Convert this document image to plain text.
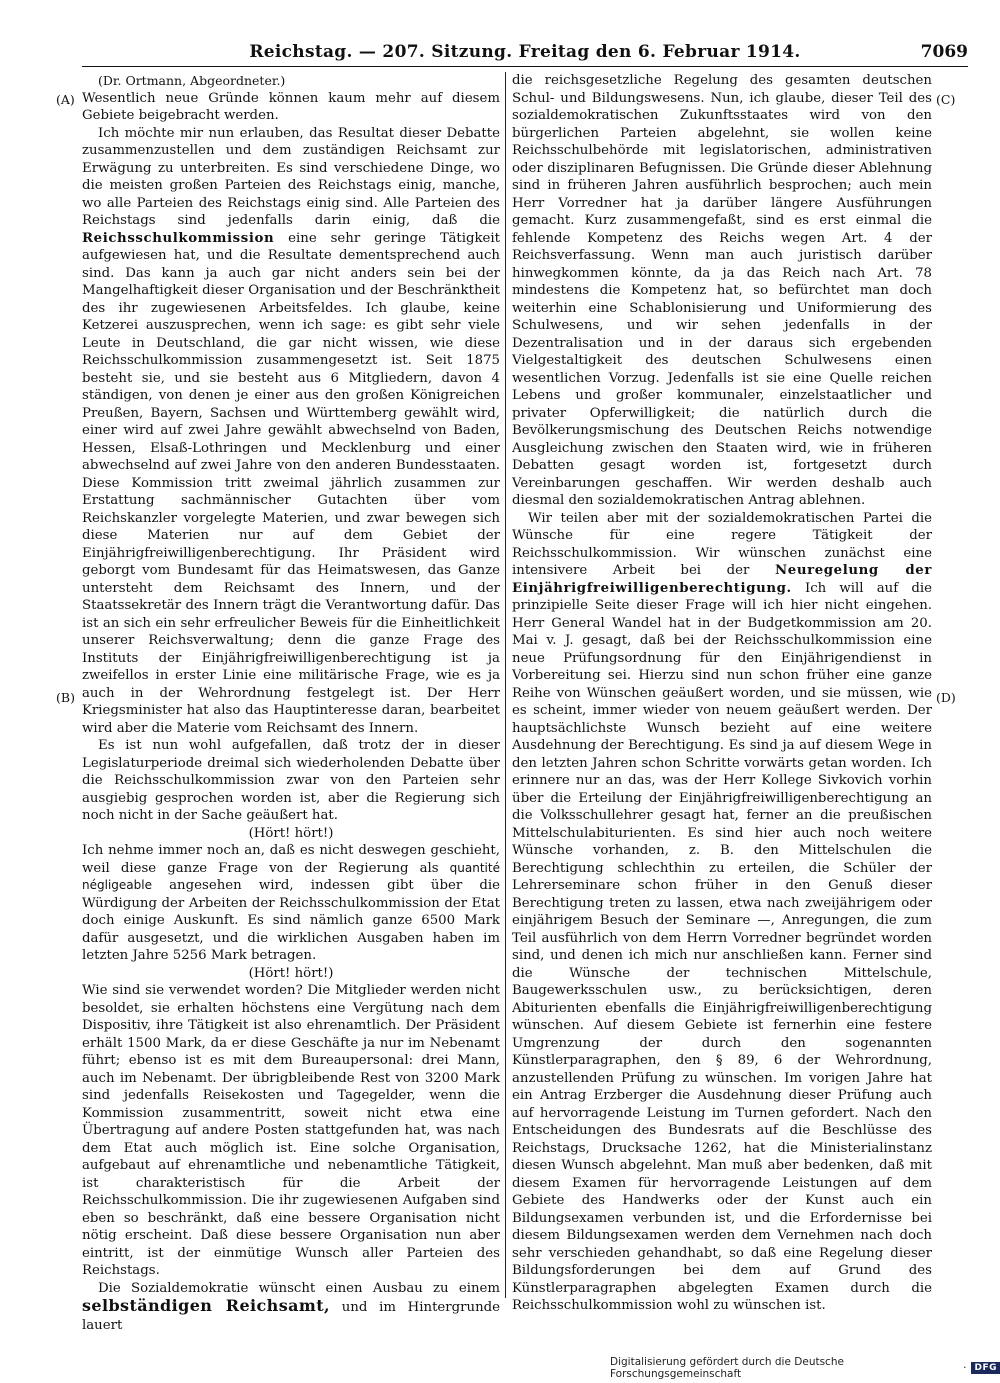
Reichstag. — 207. Sitzung. Freitag den 6. Februar 1914.	7069
(A)
(B)
(C)
(D)

(Dr. Ortmann, Abgeordneter.)

Wesentlich neue Gründe können kaum mehr auf diesem Gebiete beigebracht werden.

Ich möchte mir nun erlauben, das Resultat dieser Debatte zusammenzustellen und dem zuständigen Reichsamt zur Erwägung zu unterbreiten. Es sind verschiedene Dinge, wo die meisten großen Parteien des Reichstags einig, manche, wo alle Parteien des Reichstags einig sind. Alle Parteien des Reichstags sind jedenfalls darin einig, daß die Reichsschulkommission eine sehr geringe Tätigkeit aufgewiesen hat, und die Resultate dementsprechend auch sind. Das kann ja auch gar nicht anders sein bei der Mangelhaftigkeit dieser Organisation und der Beschränktheit des ihr zugewiesenen Arbeitsfeldes. Ich glaube, keine Ketzerei auszusprechen, wenn ich sage: es gibt sehr viele Leute in Deutschland, die gar nicht wissen, wie diese Reichsschulkommission zusammengesetzt ist. Seit 1875 besteht sie, und sie besteht aus 6 Mitgliedern, davon 4 ständigen, von denen je einer aus den großen Königreichen Preußen, Bayern, Sachsen und Württemberg gewählt wird, einer wird auf zwei Jahre gewählt abwechselnd von Baden, Hessen, Elsaß-Lothringen und Mecklenburg und einer abwechselnd auf zwei Jahre von den anderen Bundesstaaten. Diese Kommission tritt zweimal jährlich zusammen zur Erstattung sachmännischer Gutachten über vom Reichskanzler vorgelegte Materien, und zwar bewegen sich diese Materien nur auf dem Gebiet der Einjährigfreiwilligenberechtigung. Ihr Präsident wird geborgt vom Bundesamt für das Heimatswesen, das Ganze untersteht dem Reichsamt des Innern, und der Staatssekretär des Innern trägt die Verantwortung dafür. Das ist an sich ein sehr erfreulicher Beweis für die Einheitlichkeit unserer Reichsverwaltung; denn die ganze Frage des Instituts der Einjährigfreiwilligenberechtigung ist ja zweifellos in erster Linie eine militärische Frage, wie es ja auch in der Wehrordnung festgelegt ist. Der Herr Kriegsminister hat also das Hauptinteresse daran, bearbeitet wird aber die Materie vom Reichsamt des Innern.

Es ist nun wohl aufgefallen, daß trotz der in dieser Legislaturperiode dreimal sich wiederholenden Debatte über die Reichsschulkommission zwar von den Parteien sehr ausgiebig gesprochen worden ist, aber die Regierung sich noch nicht in der Sache geäußert hat.

(Hört! hört!)

Ich nehme immer noch an, daß es nicht deswegen geschieht, weil diese ganze Frage von der Regierung als quantité négligeable angesehen wird, indessen gibt über die Würdigung der Arbeiten der Reichsschulkommission der Etat doch einige Auskunft. Es sind nämlich ganze 6500 Mark dafür ausgesetzt, und die wirklichen Ausgaben haben im letzten Jahre 5256 Mark betragen.

(Hört! hört!)

Wie sind sie verwendet worden? Die Mitglieder werden nicht besoldet, sie erhalten höchstens eine Vergütung nach dem Dispositiv, ihre Tätigkeit ist also ehrenamtlich. Der Präsident erhält 1500 Mark, da er diese Geschäfte ja nur im Nebenamt führt; ebenso ist es mit dem Bureaupersonal: drei Mann, auch im Nebenamt. Der übrigbleibende Rest von 3200 Mark sind jedenfalls Reisekosten und Tagegelder, wenn die Kommission zusammentritt, soweit nicht etwa eine Übertragung auf andere Posten stattgefunden hat, was nach dem Etat auch möglich ist. Eine solche Organisation, aufgebaut auf ehrenamtliche und nebenamtliche Tätigkeit, ist charakteristisch für die Arbeit der Reichsschulkommission. Die ihr zugewiesenen Aufgaben sind eben so beschränkt, daß eine bessere Organisation nicht nötig erscheint. Daß diese bessere Organisation nun aber eintritt, ist der einmütige Wunsch aller Parteien des Reichstags.

Die Sozialdemokratie wünscht einen Ausbau zu einem selbständigen Reichsamt, und im Hintergrunde lauert

die reichsgesetzliche Regelung des gesamten deutschen Schul- und Bildungswesens. Nun, ich glaube, dieser Teil des sozialdemokratischen Zukunftsstaates wird von den bürgerlichen Parteien abgelehnt, sie wollen keine Reichsschulbehörde mit legislatorischen, administrativen oder disziplinaren Befugnissen. Die Gründe dieser Ablehnung sind in früheren Jahren ausführlich besprochen; auch mein Herr Vorredner hat ja darüber längere Ausführungen gemacht. Kurz zusammengefaßt, sind es erst einmal die fehlende Kompetenz des Reichs wegen Art. 4 der Reichsverfassung. Wenn man auch juristisch darüber hinwegkommen könnte, da ja das Reich nach Art. 78 mindestens die Kompetenz hat, so befürchtet man doch weiterhin eine Schablonisierung und Uniformierung des Schulwesens, und wir sehen jedenfalls in der Dezentralisation und in der daraus sich ergebenden Vielgestaltigkeit des deutschen Schulwesens einen wesentlichen Vorzug. Jedenfalls ist sie eine Quelle reichen Lebens und großer kommunaler, einzelstaatlicher und privater Opferwilligkeit; die natürlich durch die Bevölkerungsmischung des Deutschen Reichs notwendige Ausgleichung zwischen den Staaten wird, wie in früheren Debatten gesagt worden ist, fortgesetzt durch Vereinbarungen geschaffen. Wir werden deshalb auch diesmal den sozialdemokratischen Antrag ablehnen.

Wir teilen aber mit der sozialdemokratischen Partei die Wünsche für eine regere Tätigkeit der Reichsschulkommission. Wir wünschen zunächst eine intensivere Arbeit bei der Neuregelung der Einjährigfreiwilligenberechtigung. Ich will auf die prinzipielle Seite dieser Frage will ich hier nicht eingehen. Herr General Wandel hat in der Budgetkommission am 20. Mai v. J. gesagt, daß bei der Reichsschulkommission eine neue Prüfungsordnung für den Einjährigendienst in Vorbereitung sei. Hierzu sind nun schon früher eine ganze Reihe von Wünschen geäußert worden, und sie müssen, wie es scheint, immer wieder von neuem geäußert werden. Der hauptsächlichste Wunsch bezieht auf eine weitere Ausdehnung der Berechtigung. Es sind ja auf diesem Wege in den letzten Jahren schon Schritte vorwärts getan worden. Ich erinnere nur an das, was der Herr Kollege Sivkovich vorhin über die Erteilung der Einjährigfreiwilligenberechtigung an die Volksschullehrer gesagt hat, ferner an die preußischen Mittelschulabiturienten. Es sind hier auch noch weitere Wünsche vorhanden, z. B. den Mittelschulen die Berechtigung schlechthin zu erteilen, die Schüler der Lehrerseminare schon früher in den Genuß dieser Berechtigung treten zu lassen, etwa nach zweijährigem oder einjährigem Besuch der Seminare —, Anregungen, die zum Teil ausführlich von dem Herrn Vorredner begründet worden sind, und denen ich mich nur anschließen kann. Ferner sind die Wünsche der technischen Mittelschule, Baugewerksschulen usw., zu berücksichtigen, deren Abiturienten ebenfalls die Einjährigfreiwilligenberechtigung wünschen. Auf diesem Gebiete ist fernerhin eine festere Umgrenzung der durch den sogenannten Künstlerparagraphen, den § 89, 6 der Wehrordnung, anzustellenden Prüfung zu wünschen. Im vorigen Jahre hat ein Antrag Erzberger die Ausdehnung dieser Prüfung auch auf hervorragende Leistung im Turnen gefordert. Nach den Entscheidungen des Bundesrats auf die Beschlüsse des Reichstags, Drucksache 1262, hat die Ministerialinstanz diesen Wunsch abgelehnt. Man muß aber bedenken, daß mit diesem Examen für hervorragende Leistungen auf dem Gebiete des Handwerks oder der Kunst auch ein Bildungsexamen verbunden ist, und die Erfordernisse bei diesem Bildungsexamen werden dem Vernehmen nach doch sehr verschieden gehandhabt, so daß eine Regelung dieser Bildungsforderungen bei dem auf Grund des Künstlerparagraphen abgelegten Examen durch die Reichsschulkommission wohl zu wünschen ist.

Digitalisierung gefördert durch die Deutsche Forschungsgemeinschaft	· DFG
